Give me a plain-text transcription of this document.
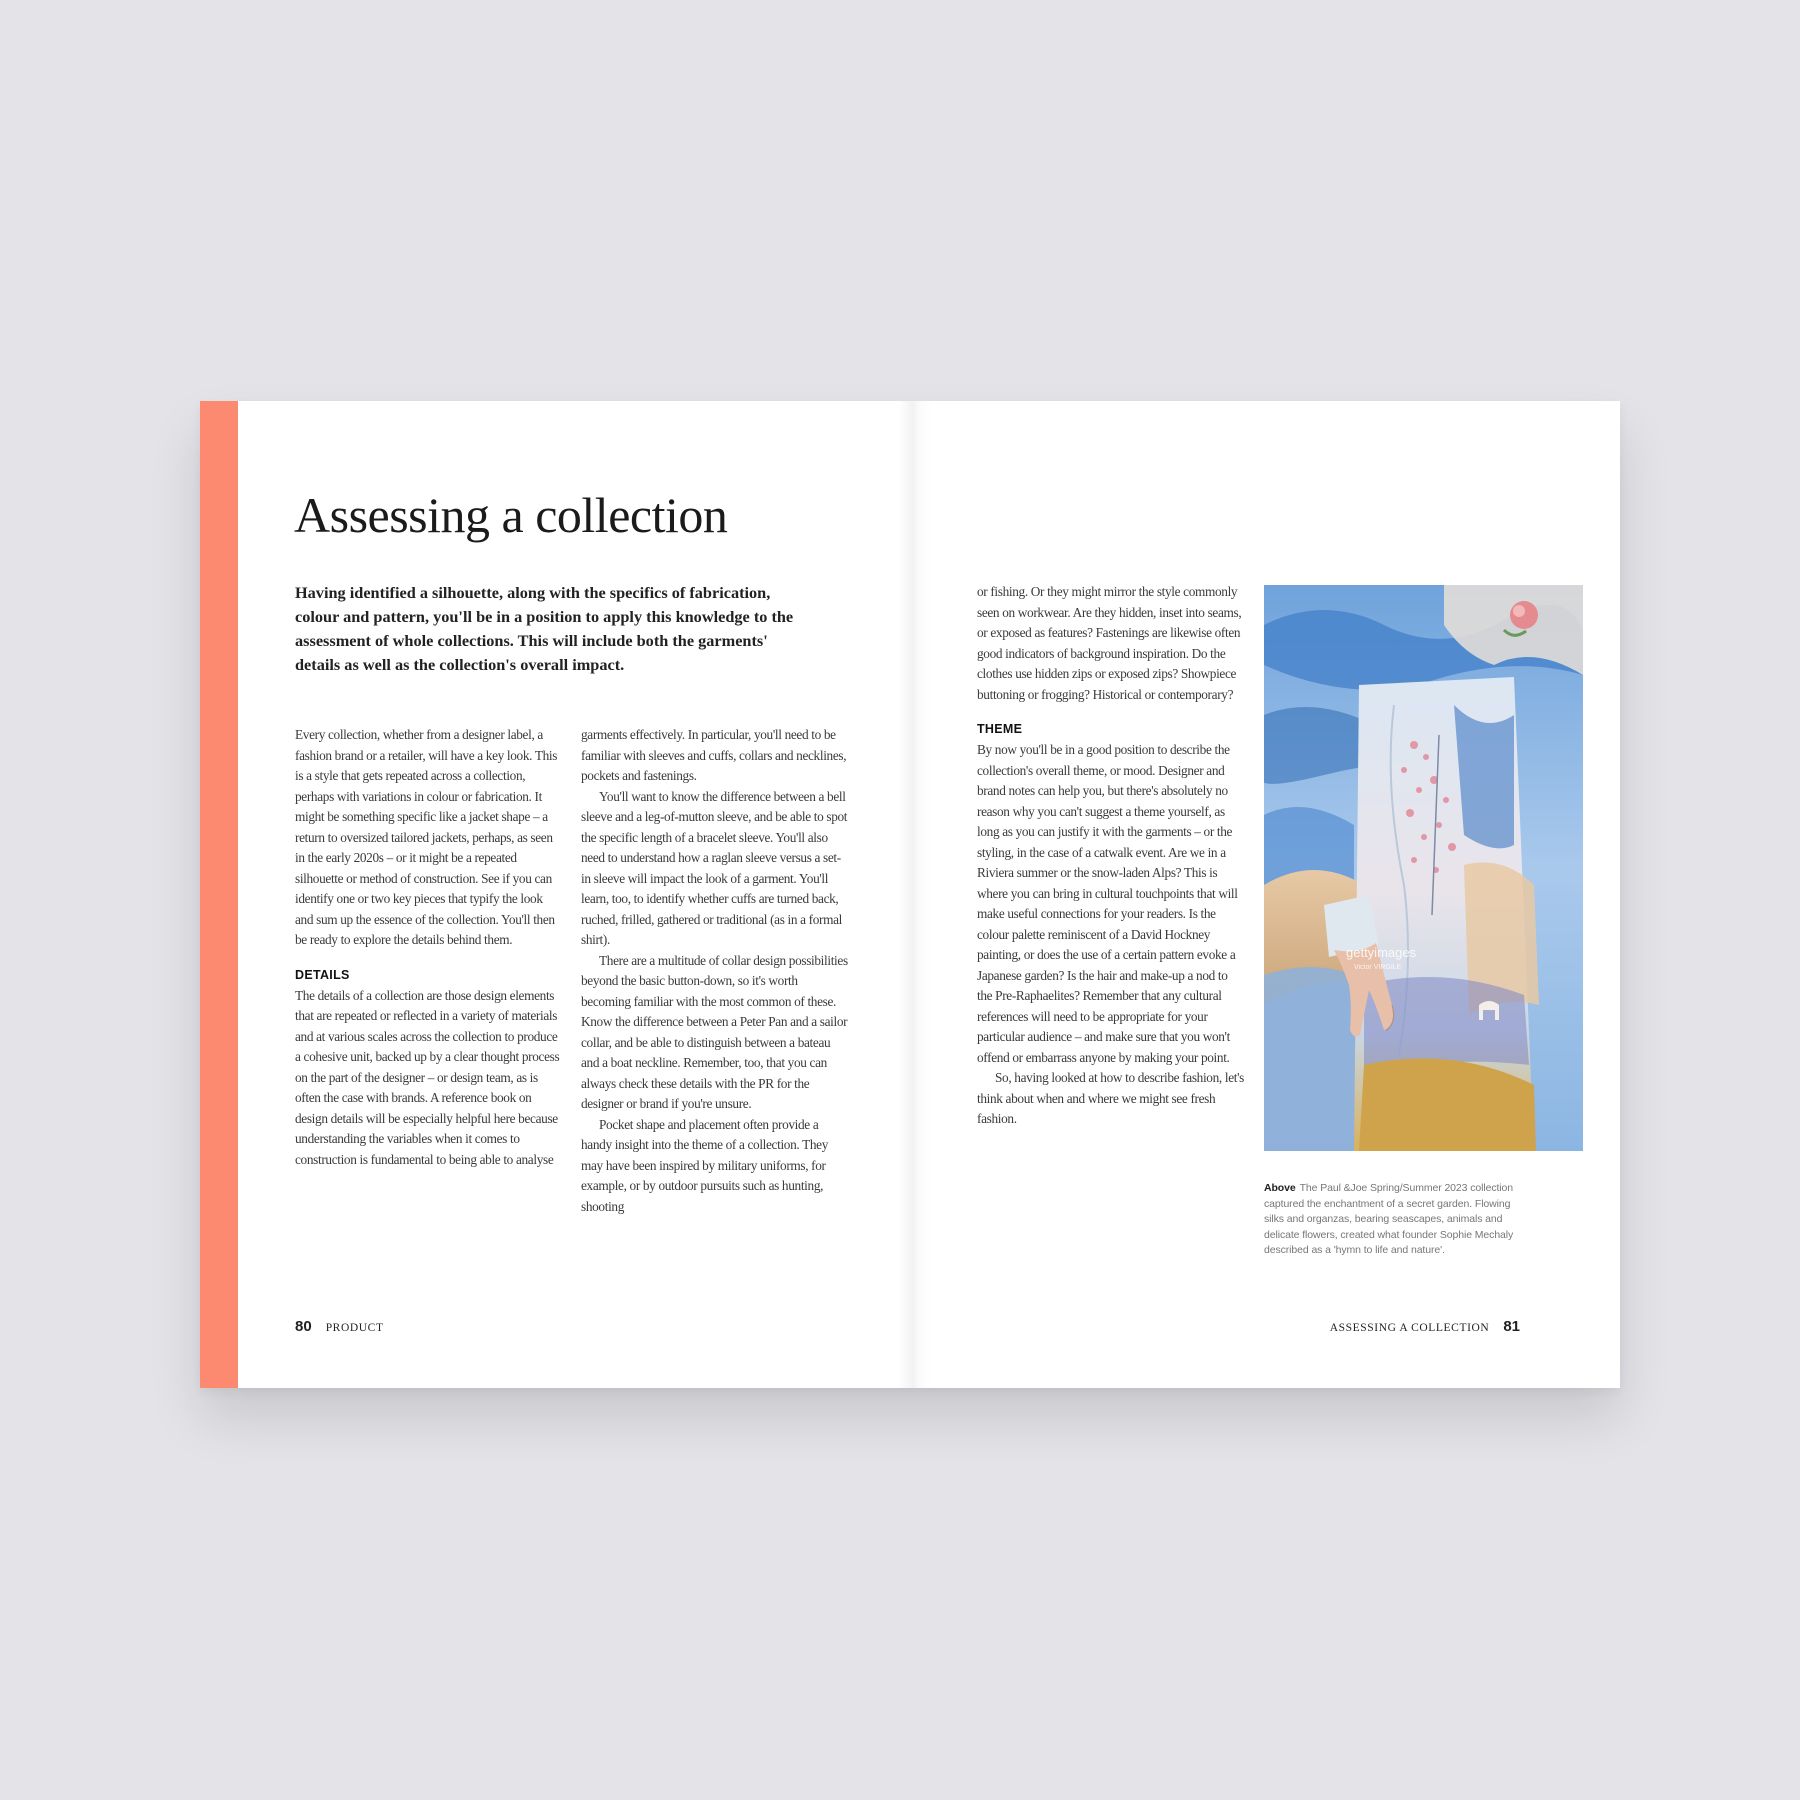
Assessing a collection

Having identified a silhouette, along with the specifics of fabrication, colour and pattern, you'll be in a position to apply this knowledge to the assessment of whole collections. This will include both the garments' details as well as the collection's overall impact.

Every collection, whether from a designer label, a fashion brand or a retailer, will have a key look. This is a style that gets repeated across a collection, perhaps with variations in colour or fabrication. It might be something specific like a jacket shape – a return to oversized tailored jackets, perhaps, as seen in the early 2020s – or it might be a repeated silhouette or method of construction. See if you can identify one or two key pieces that typify the look and sum up the essence of the collection. You'll then be ready to explore the details behind them.

DETAILS

The details of a collection are those design elements that are repeated or reflected in a variety of materials and at various scales across the collection to produce a cohesive unit, backed up by a clear thought process on the part of the designer – or design team, as is often the case with brands. A reference book on design details will be especially helpful here because understanding the variables when it comes to construction is fundamental to being able to analyse

garments effectively. In particular, you'll need to be familiar with sleeves and cuffs, collars and necklines, pockets and fastenings.

You'll want to know the difference between a bell sleeve and a leg-of-mutton sleeve, and be able to spot the specific length of a bracelet sleeve. You'll also need to understand how a raglan sleeve versus a set-in sleeve will impact the look of a garment. You'll learn, too, to identify whether cuffs are turned back, ruched, frilled, gathered or traditional (as in a formal shirt).

There are a multitude of collar design possibilities beyond the basic button-down, so it's worth becoming familiar with the most common of these. Know the difference between a Peter Pan and a sailor collar, and be able to distinguish between a bateau and a boat neckline. Remember, too, that you can always check these details with the PR for the designer or brand if you're unsure.

Pocket shape and placement often provide a handy insight into the theme of a collection. They may have been inspired by military uniforms, for example, or by outdoor pursuits such as hunting, shooting

or fishing. Or they might mirror the style commonly seen on workwear. Are they hidden, inset into seams, or exposed as features? Fastenings are likewise often good indicators of background inspiration. Do the clothes use hidden zips or exposed zips? Showpiece buttoning or frogging? Historical or contemporary?

THEME

By now you'll be in a good position to describe the collection's overall theme, or mood. Designer and brand notes can help you, but there's absolutely no reason why you can't suggest a theme yourself, as long as you can justify it with the garments – or the styling, in the case of a catwalk event. Are we in a Riviera summer or the snow-laden Alps? This is where you can bring in cultural touchpoints that will make useful connections for your readers. Is the colour palette reminiscent of a David Hockney painting, or does the use of a certain pattern evoke a Japanese garden? Is the hair and make-up a nod to the Pre-Raphaelites? Remember that any cultural references will need to be appropriate for your particular audience – and make sure that you won't offend or embarrass anyone by making your point.

So, having looked at how to describe fashion, let's think about when and where we might see fresh fashion.

gettyimages
Victor VIRGILE
Above The Paul &Joe Spring/Summer 2023 collection captured the enchantment of a secret garden. Flowing silks and organzas, bearing seascapes, animals and delicate flowers, created what founder Sophie Mechaly described as a 'hymn to life and nature'.
80 PRODUCT	ASSESSING A COLLECTION 81
